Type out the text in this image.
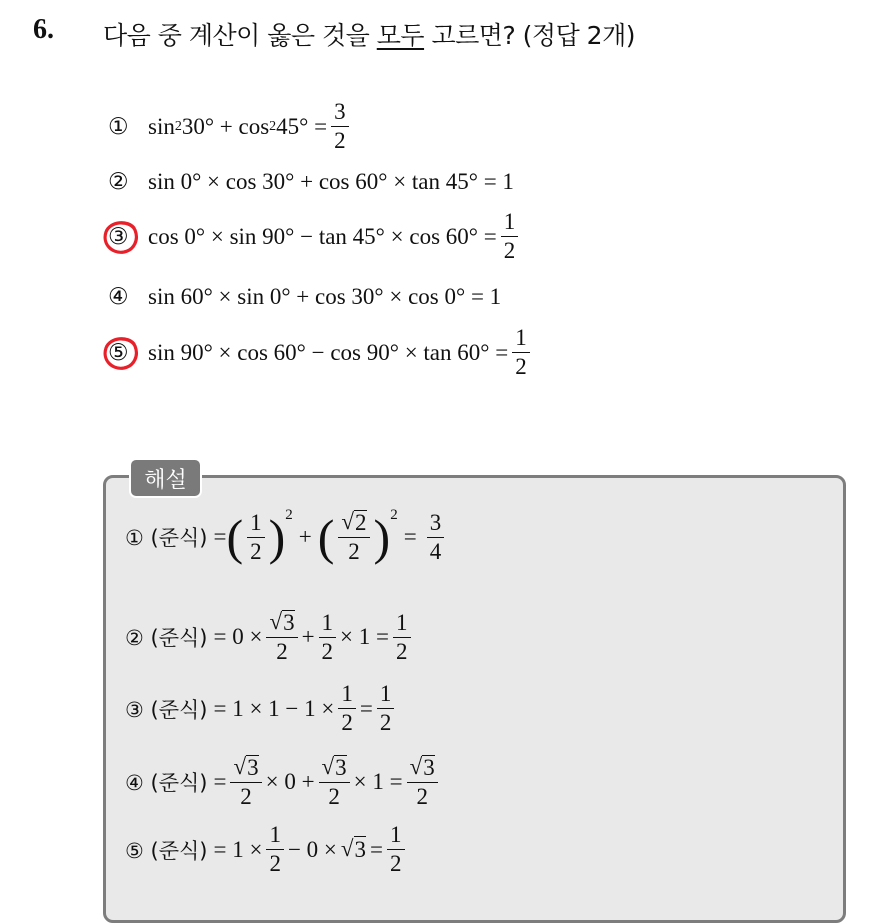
6. 다음 중 계산이 옳은 것을 모두 고르면? (정답 2개)
① sin 2 30° + cos 2 $45^\circ = \frac{3}{2}$
② sin 0° × cos 30° + cos 60° × tan 45° = 1
③ $\cos 0^\circ \times \sin 90^\circ - \tan 45^\circ \times \cos 60^\circ = \frac{1}{2}$
④ sin 60° × sin 0° + cos 30° × cos 0° = 1
⑤ $\sin 90^\circ \times \cos 60^\circ - \cos 90^\circ \times \tan 60^\circ = \frac{1}{2}$
해설
① (준식) = ( $\frac{1}{2}$ ) 2
+ ( $\frac{√ 2}{2}$ ) 2
= $\frac{3}{4}$
② (준식) = $0 \times \frac{√ 3}{2} + \frac{1}{2} \times 1 = \frac{1}{2}$
③ (준식) = $1 \times 1 - 1 \times \frac{1}{2} = \frac{1}{2}$
④ (준식) = $\frac{√ 3}{2} \times 0 + \frac{√ 3}{2} \times 1 = \frac{√ 3}{2}$
⑤ (준식) = $1 \times \frac{1}{2} - 0$ × √ $3 = \frac{1}{2}$
